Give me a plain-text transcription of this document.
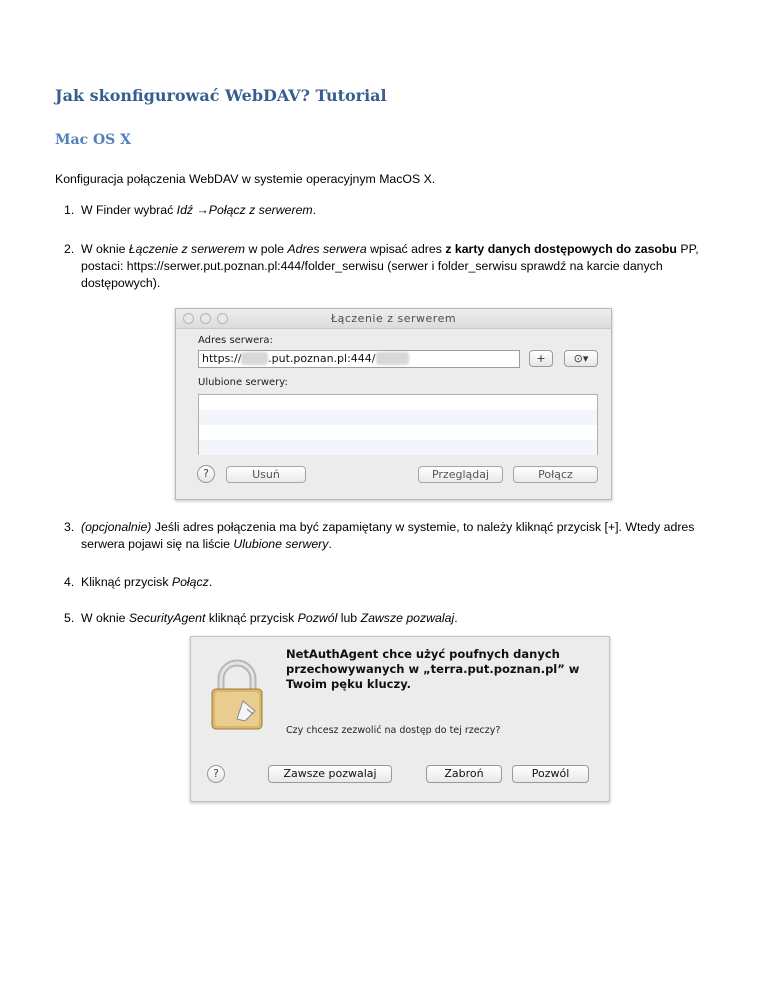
Jak skonfigurować WebDAV? Tutorial
Mac OS X
Konfiguracja połączenia WebDAV w systemie operacyjnym MacOS X.
1. W Finder wybrać Idź →Połącz z serwerem.
2. W oknie Łączenie z serwerem w pole Adres serwera wpisać adres z karty danych dostępowych do zasobu PP, postaci: https://serwer.put.poznan.pl:444/folder_serwisu (serwer i folder_serwisu sprawdź na karcie danych dostępowych).
Łączenie z serwerem
Adres serwera:
https:// .put.poznan.pl:444/	+	⊙▾
Ulubione serwery:
?	Usuń	Przeglądaj	Połącz
3. (opcjonalnie) Jeśli adres połączenia ma być zapamiętany w systemie, to należy kliknąć przycisk [+]. Wtedy adres serwera pojawi się na liście Ulubione serwery.
4. Kliknąć przycisk Połącz.
5. W oknie SecurityAgent kliknąć przycisk Pozwól lub Zawsze pozwalaj.
NetAuthAgent chce użyć poufnych danych przechowywanych w „terra.put.poznan.pl” w Twoim pęku kluczy.
Czy chcesz zezwolić na dostęp do tej rzeczy?
?	Zawsze pozwalaj	Zabroń	Pozwól
